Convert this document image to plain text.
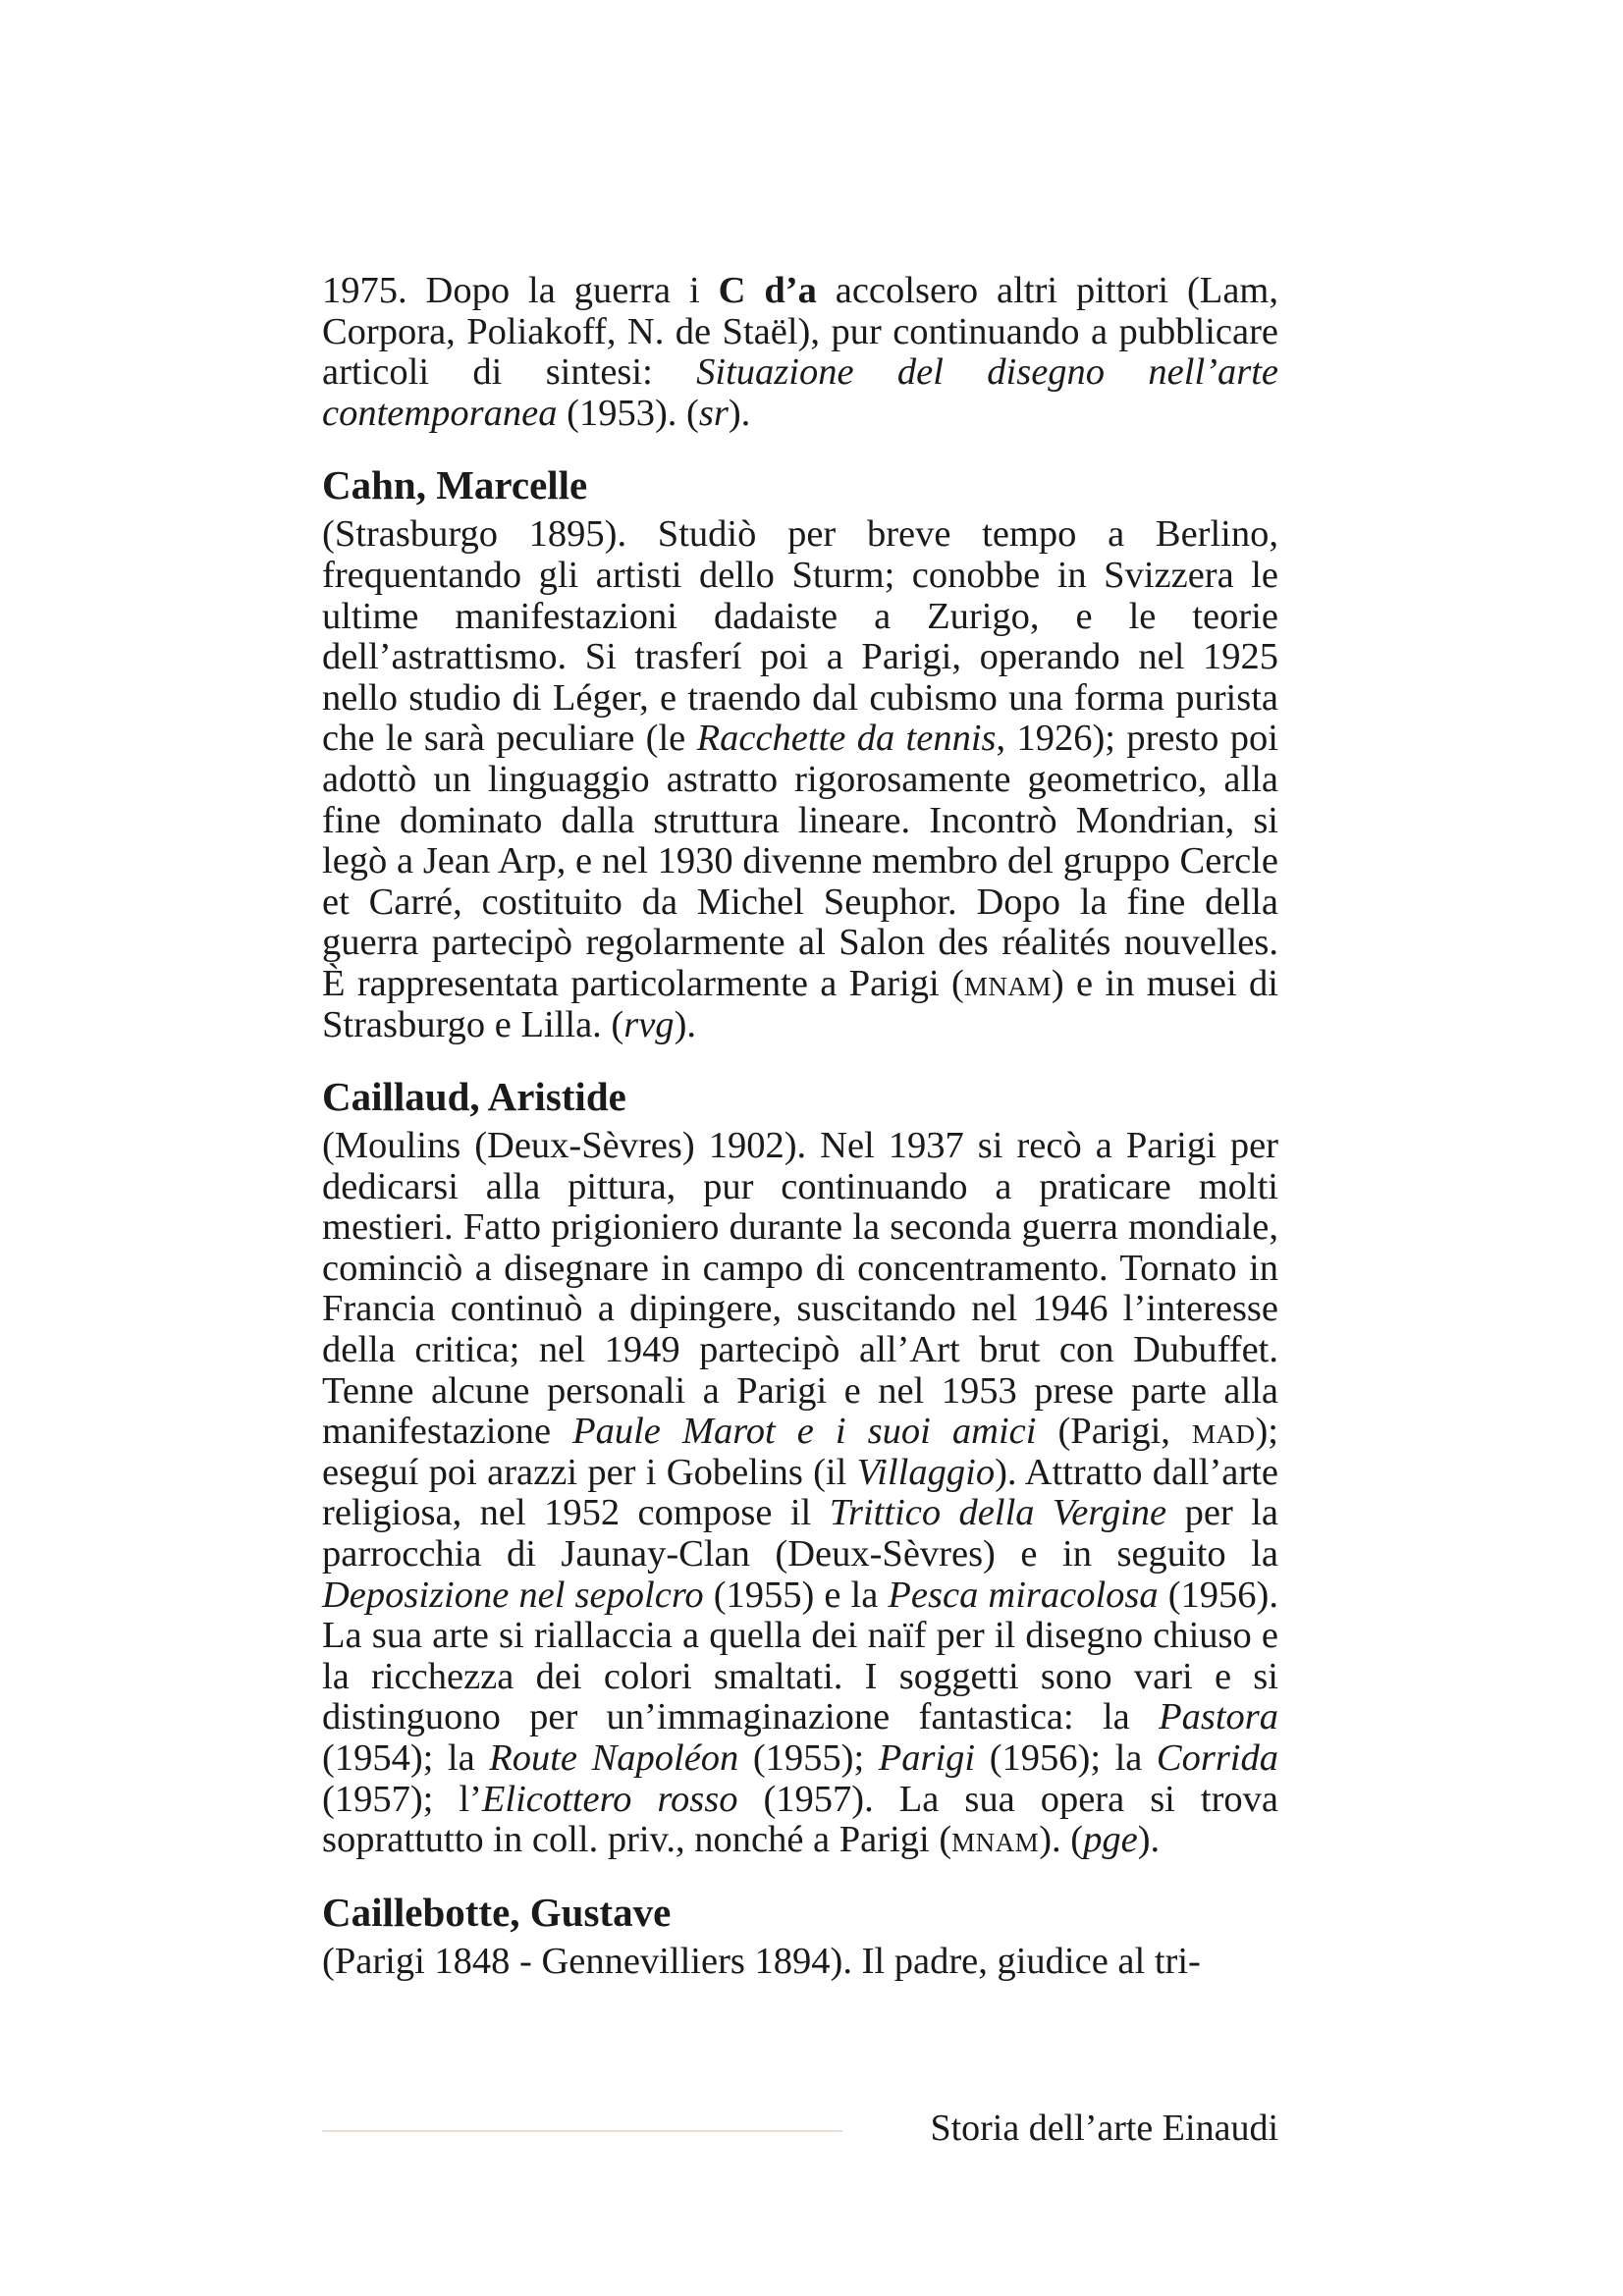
1975. Dopo la guerra i C d’a accolsero altri pittori (Lam, Corpora, Poliakoff, N. de Staël), pur continuando a pubblicare articoli di sintesi: Situazione del disegno nell’arte contemporanea (1953). (sr).

Cahn, Marcelle

(Strasburgo 1895). Studiò per breve tempo a Berlino, frequentando gli artisti dello Sturm; conobbe in Svizzera le ultime manifestazioni dadaiste a Zurigo, e le teorie dell’astrattismo. Si trasferí poi a Parigi, operando nel 1925 nello studio di Léger, e traendo dal cubismo una forma purista che le sarà peculiare (le Racchette da tennis, 1926); presto poi adottò un linguaggio astratto rigorosamente geometrico, alla fine dominato dalla struttura lineare. Incontrò Mondrian, si legò a Jean Arp, e nel 1930 divenne membro del gruppo Cercle et Carré, costituito da Michel Seuphor. Dopo la fine della guerra partecipò regolarmente al Salon des réalités nouvelles. È rappresentata particolarmente a Parigi (mnam) e in musei di Strasburgo e Lilla. (rvg).

Caillaud, Aristide

(Moulins (Deux-Sèvres) 1902). Nel 1937 si recò a Parigi per dedicarsi alla pittura, pur continuando a praticare molti mestieri. Fatto prigioniero durante la seconda guerra mondiale, cominciò a disegnare in campo di concentramento. Tornato in Francia continuò a dipingere, suscitando nel 1946 l’interesse della critica; nel 1949 partecipò all’Art brut con Dubuffet. Tenne alcune personali a Parigi e nel 1953 prese parte alla manifestazione Paule Marot e i suoi amici (Parigi, mad); eseguí poi arazzi per i Gobelins (il Villaggio). Attratto dall’arte religiosa, nel 1952 compose il Trittico della Vergine per la parrocchia di Jaunay-Clan (Deux-Sèvres) e in seguito la Deposizione nel sepolcro (1955) e la Pesca miracolosa (1956). La sua arte si riallaccia a quella dei naïf per il disegno chiuso e la ricchezza dei colori smaltati. I soggetti sono vari e si distinguono per un’immaginazione fantastica: la Pastora (1954); la Route Napoléon (1955); Parigi (1956); la Corrida (1957); l’Elicottero rosso (1957). La sua opera si trova soprattutto in coll. priv., nonché a Parigi (mnam). (pge).

Caillebotte, Gustave

(Parigi 1848 - Gennevilliers 1894). Il padre, giudice al tri-

Storia dell’arte Einaudi
